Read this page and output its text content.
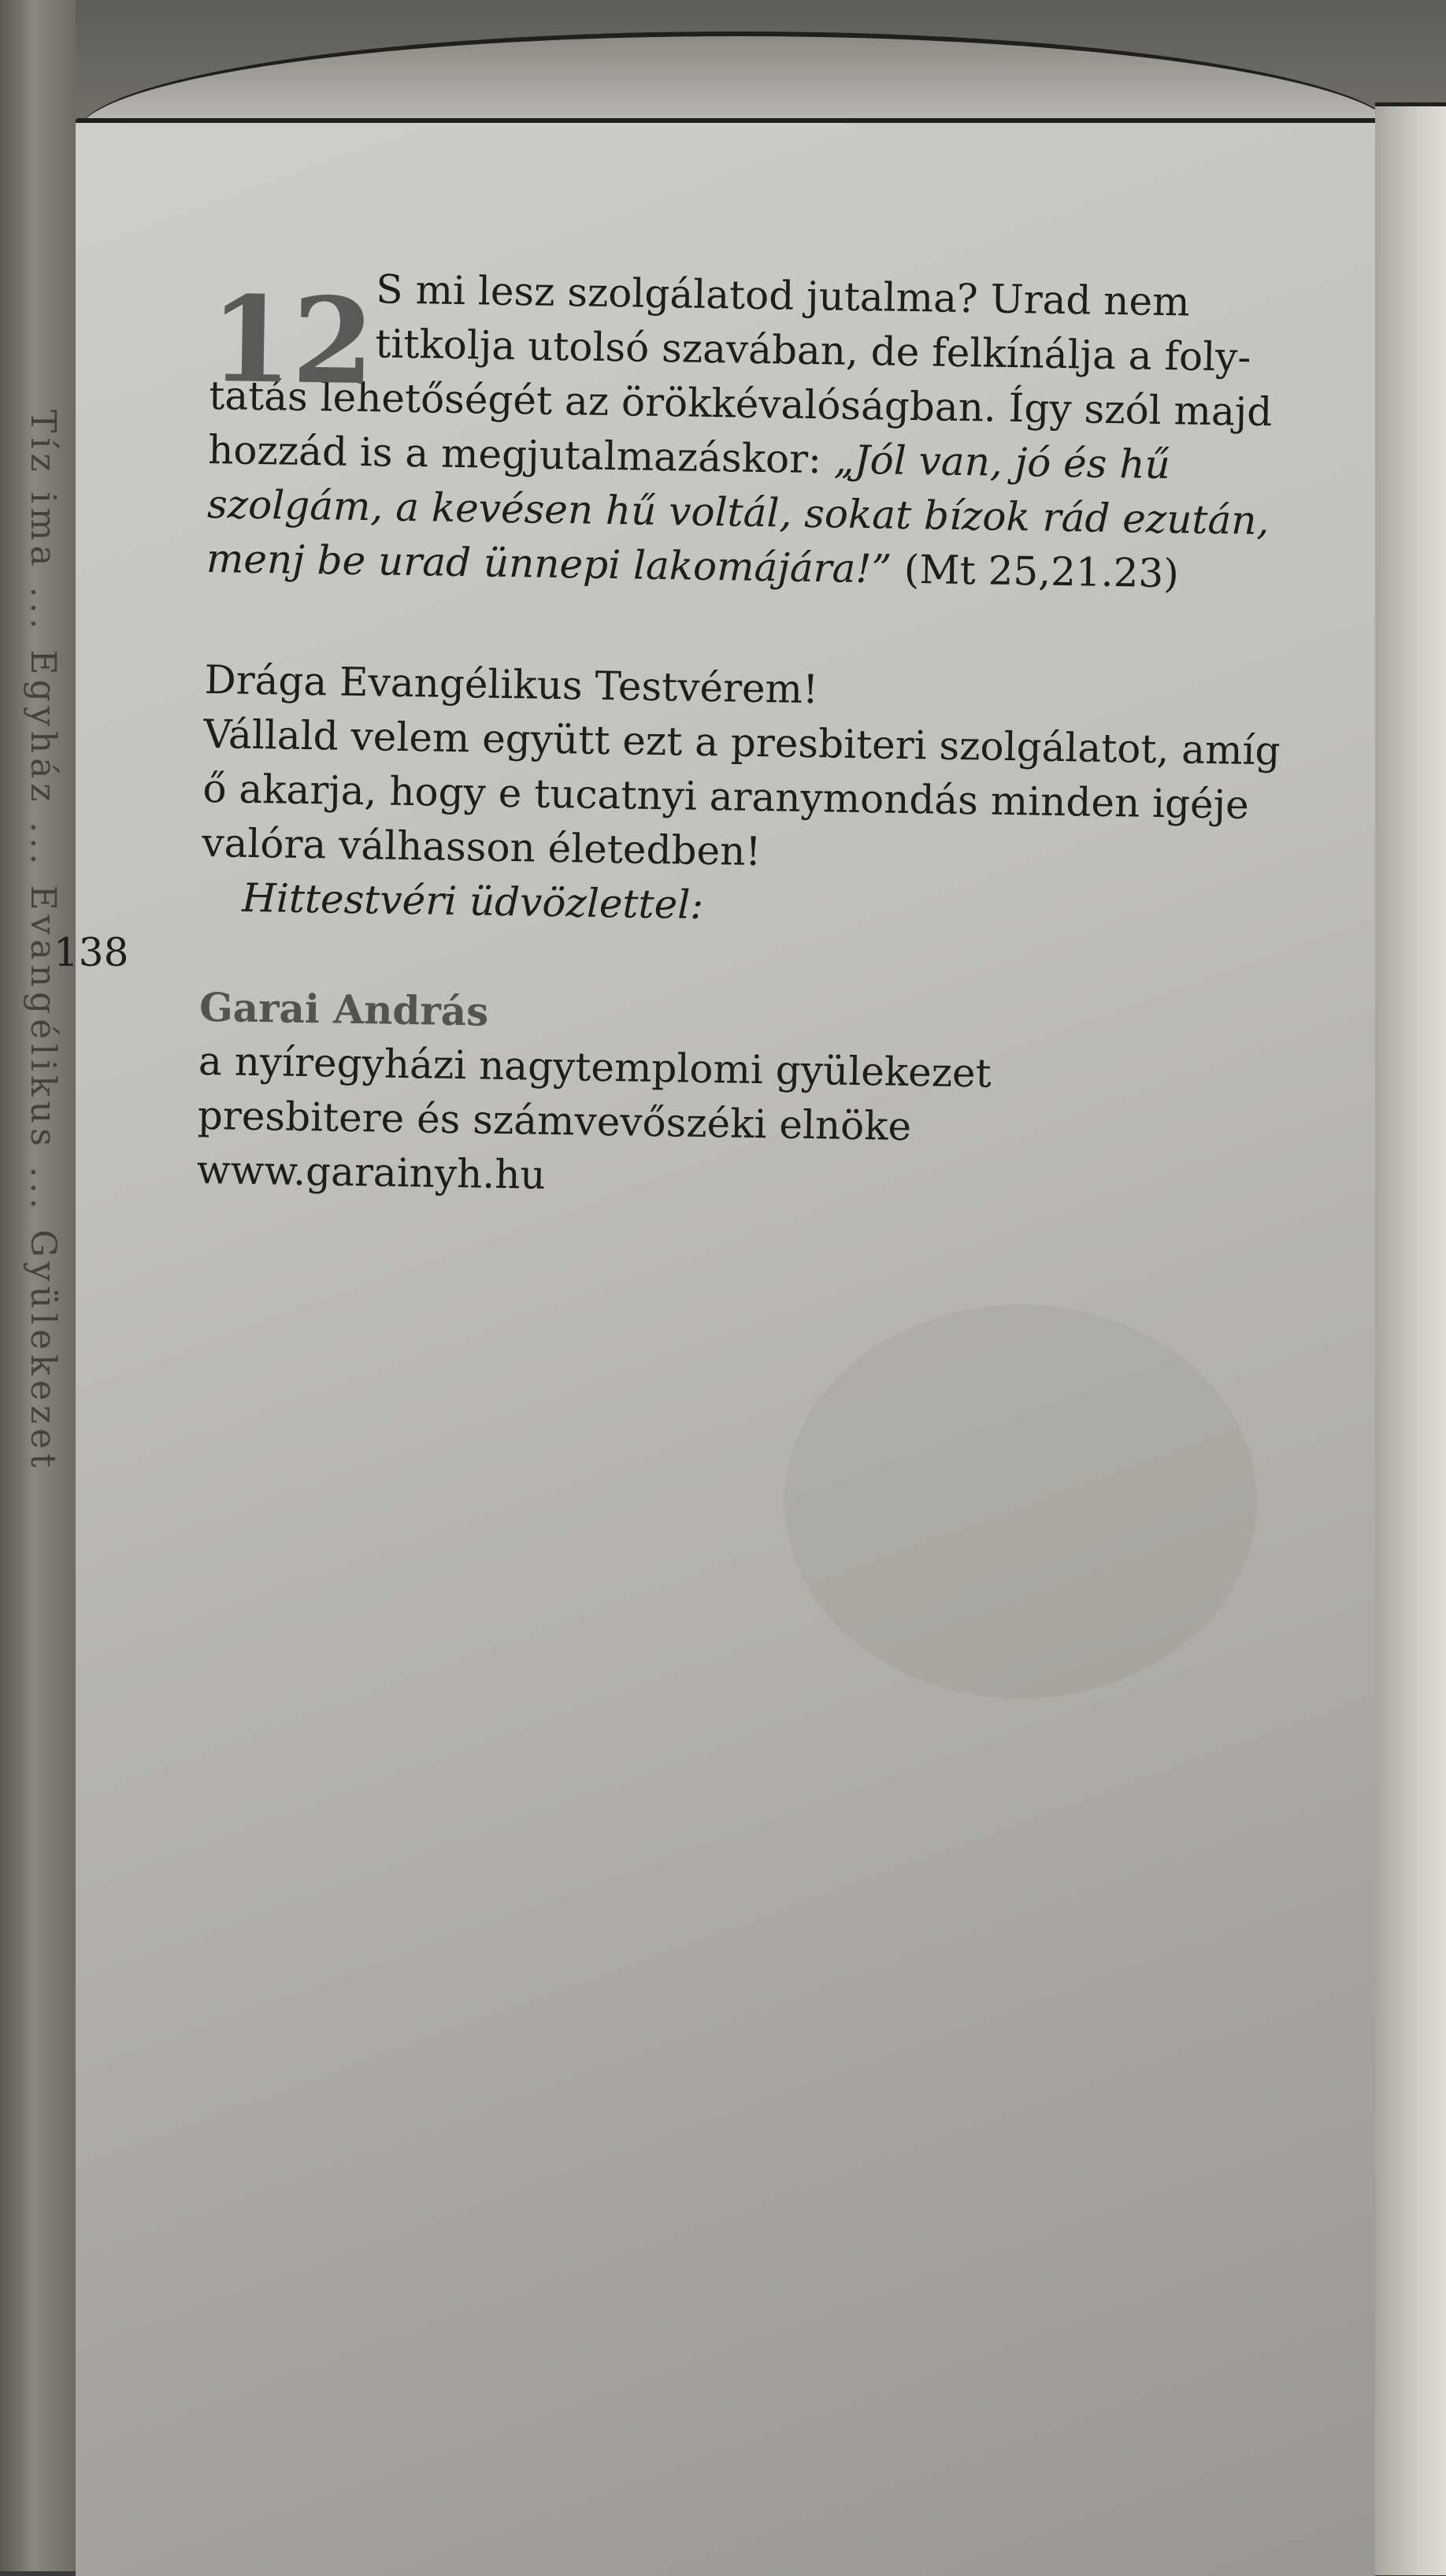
138
12 S mi lesz szolgálatod jutalma? Urad nem
titkolja utolsó szavában, de felkínálja a foly-
tatás lehetőségét az örökkévalóságban. Így szól majd
hozzád is a megjutalmazáskor: „Jól van, jó és hű
szolgám, a kevésen hű voltál, sokat bízok rád ezután,
menj be urad ünnepi lakomájára!” (Mt 25,21.23)
Drága Evangélikus Testvérem!
Vállald velem együtt ezt a presbiteri szolgálatot, amíg
ő akarja, hogy e tucatnyi aranymondás minden igéje
valóra válhasson életedben!
Hittestvéri üdvözlettel:
Garai András
a nyíregyházi nagytemplomi gyülekezet
presbitere és számvevőszéki elnöke
www.garainyh.hu
Tíz ima ... Egyház ... Evangélikus ... Gyülekezet
